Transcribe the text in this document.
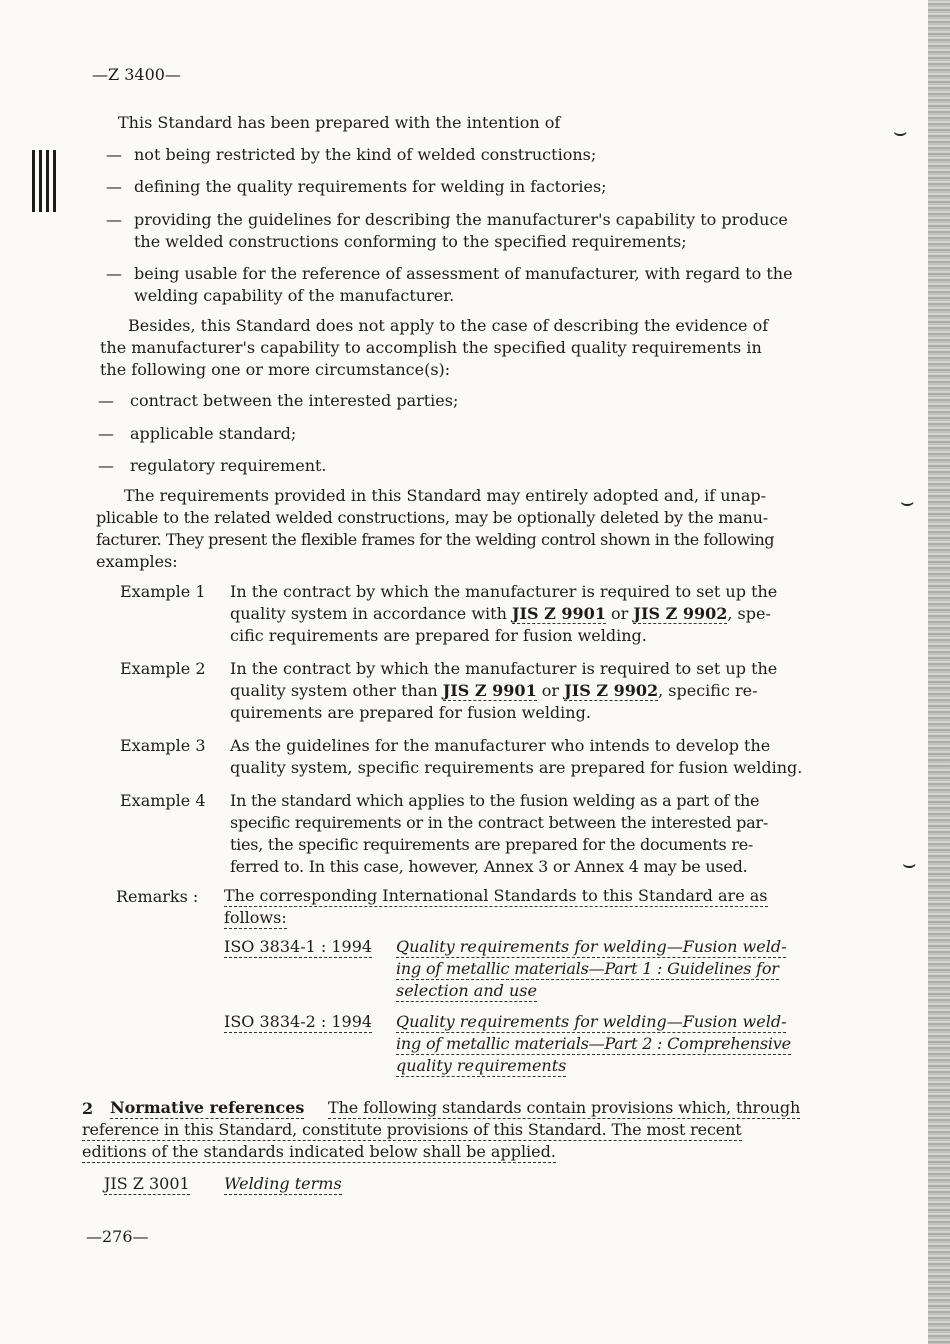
⌣
⌣
⌣
—Z 3400—
This Standard has been prepared with the intention of
— not being restricted by the kind of welded constructions;
— defining the quality requirements for welding in factories;
— providing the guidelines for describing the manufacturer's capability to produce
the welded constructions conforming to the specified requirements;
— being usable for the reference of assessment of manufacturer, with regard to the
welding capability of the manufacturer.
Besides, this Standard does not apply to the case of describing the evidence of
the manufacturer's capability to accomplish the specified quality requirements in
the following one or more circumstance(s):
— contract between the interested parties;
— applicable standard;
— regulatory requirement.
The requirements provided in this Standard may entirely adopted and, if unap-
plicable to the related welded constructions, may be optionally deleted by the manu-
facturer. They present the flexible frames for the welding control shown in the following
examples:
Example 1 In the contract by which the manufacturer is required to set up the
quality system in accordance with JIS Z 9901 or JIS Z 9902, spe-
cific requirements are prepared for fusion welding.
Example 2 In the contract by which the manufacturer is required to set up the
quality system other than JIS Z 9901 or JIS Z 9902, specific re-
quirements are prepared for fusion welding.
Example 3 As the guidelines for the manufacturer who intends to develop the
quality system, specific requirements are prepared for fusion welding.
Example 4 In the standard which applies to the fusion welding as a part of the
specific requirements or in the contract between the interested par-
ties, the specific requirements are prepared for the documents re-
ferred to. In this case, however, Annex 3 or Annex 4 may be used.
Remarks : The corresponding International Standards to this Standard are as
follows:
ISO 3834-1 : 1994 Quality requirements for welding—Fusion weld-
ing of metallic materials—Part 1 : Guidelines for
selection and use
ISO 3834-2 : 1994 Quality requirements for welding—Fusion weld-
ing of metallic materials—Part 2 : Comprehensive
quality requirements
2 Normative references The following standards contain provisions which, through
reference in this Standard, constitute provisions of this Standard. The most recent
editions of the standards indicated below shall be applied.
JIS Z 3001 Welding terms
—276—
